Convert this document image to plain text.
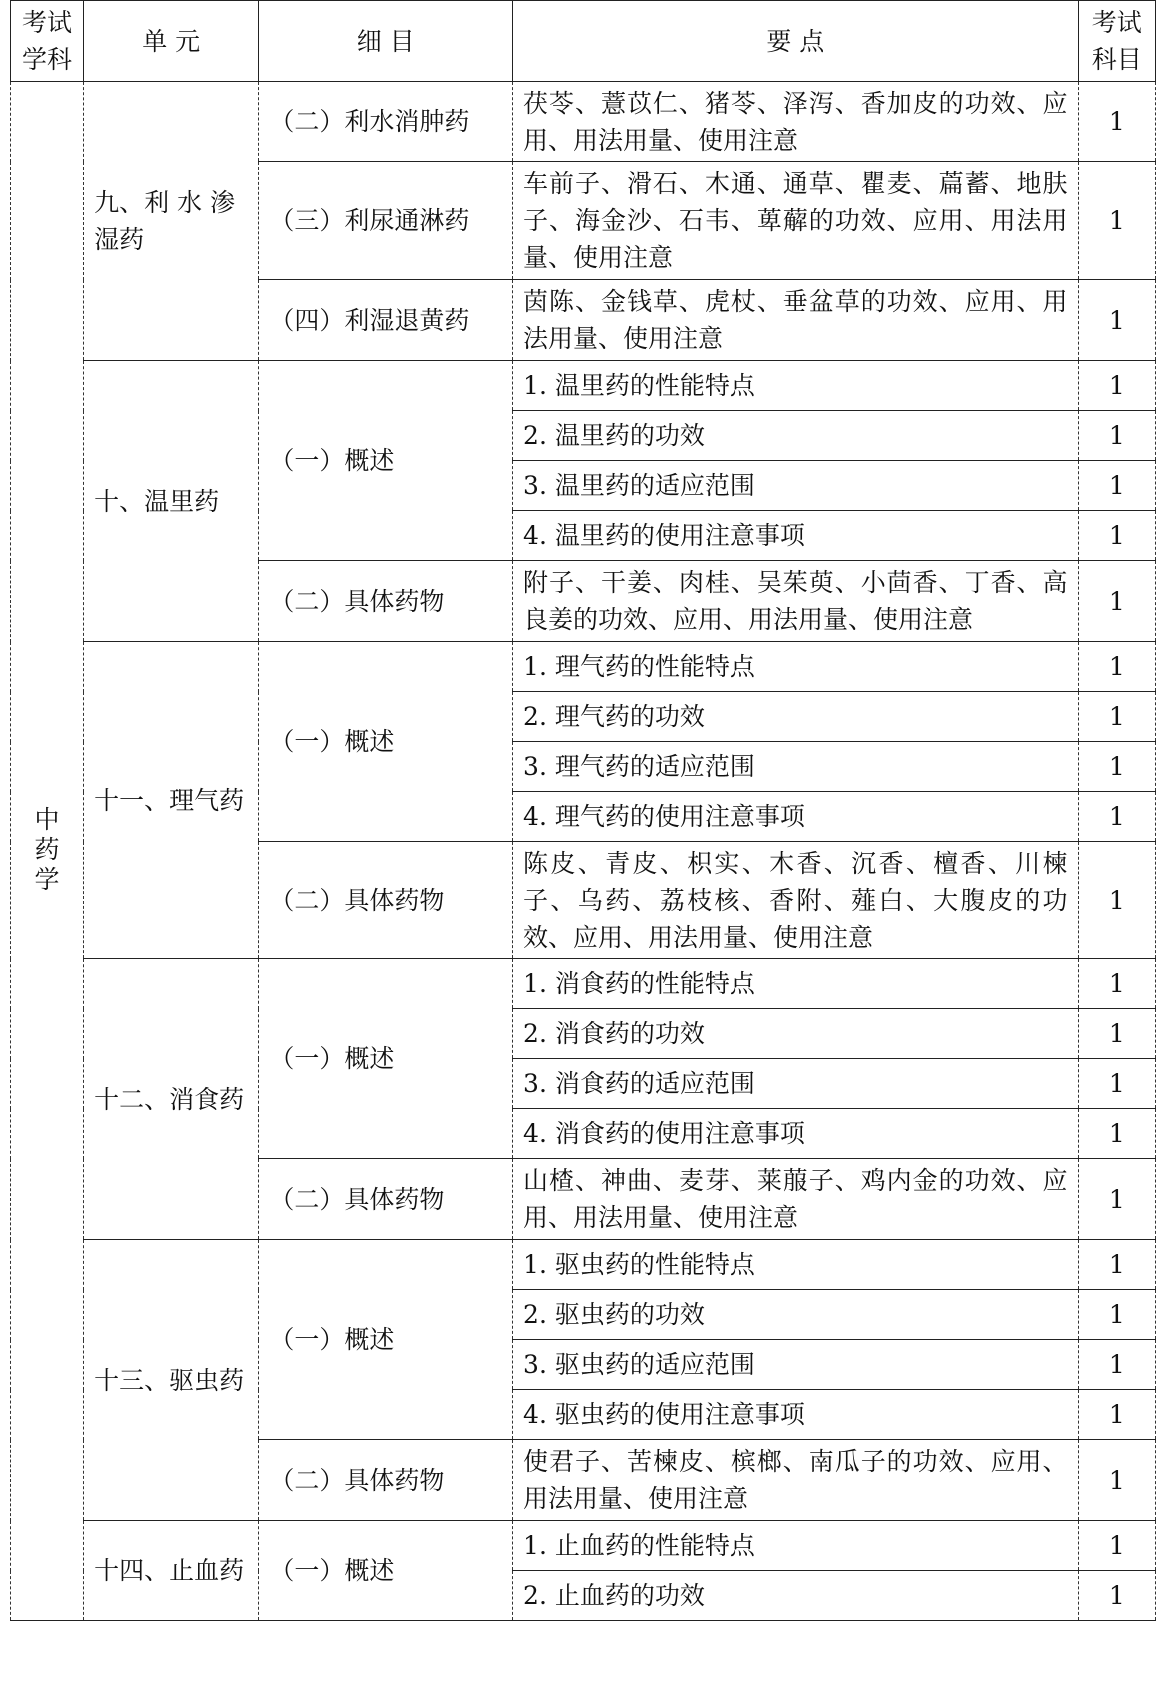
考试学科	单 元	细 目	要 点	考试科目
中药学	九、利 水 渗湿药	（二）利水消肿药	茯苓、薏苡仁、猪苓、泽泻、香加皮的功效、应用、用法用量、使用注意	1
		（三）利尿通淋药	车前子、滑石、木通、通草、瞿麦、萹蓄、地肤子、海金沙、石韦、萆薢的功效、应用、用法用量、使用注意	1
		（四）利湿退黄药	茵陈、金钱草、虎杖、垂盆草的功效、应用、用法用量、使用注意	1
	十、温里药	（一）概述	1. 温里药的性能特点	1
			2. 温里药的功效	1
			3. 温里药的适应范围	1
			4. 温里药的使用注意事项	1
		（二）具体药物	附子、干姜、肉桂、吴茱萸、小茴香、丁香、高良姜的功效、应用、用法用量、使用注意	1
	十一、理气药	（一）概述	1. 理气药的性能特点	1
			2. 理气药的功效	1
			3. 理气药的适应范围	1
			4. 理气药的使用注意事项	1
		（二）具体药物	陈皮、青皮、枳实、木香、沉香、檀香、川楝子、乌药、荔枝核、香附、薤白、大腹皮的功效、应用、用法用量、使用注意	1
	十二、消食药	（一）概述	1. 消食药的性能特点	1
			2. 消食药的功效	1
			3. 消食药的适应范围	1
			4. 消食药的使用注意事项	1
		（二）具体药物	山楂、神曲、麦芽、莱菔子、鸡内金的功效、应用、用法用量、使用注意	1
	十三、驱虫药	（一）概述	1. 驱虫药的性能特点	1
			2. 驱虫药的功效	1
			3. 驱虫药的适应范围	1
			4. 驱虫药的使用注意事项	1
		（二）具体药物	使君子、苦楝皮、槟榔、南瓜子的功效、应用、用法用量、使用注意	1
	十四、止血药	（一）概述	1. 止血药的性能特点	1
			2. 止血药的功效	1
